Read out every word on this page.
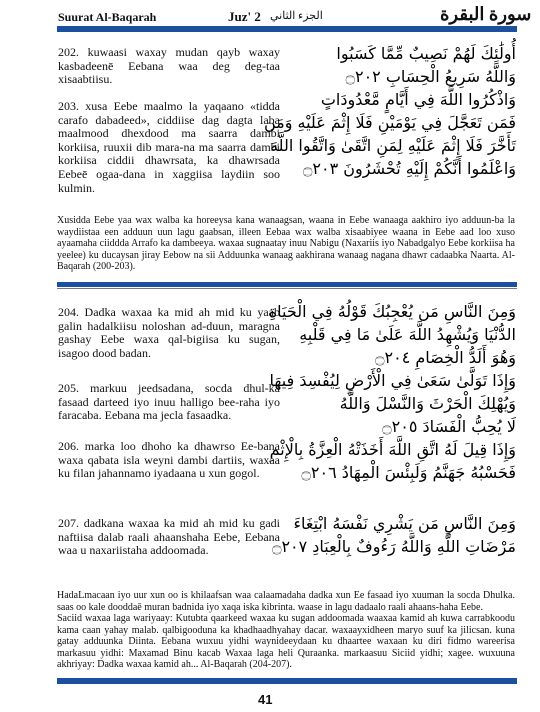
Suurat Al-Baqarah	Juz' 2 الجزء الثاني	سورة البقرة
202. kuwaasi waxay mudan qayb waxay kasbadeenē Eebana waa deg deg-taa xisaabtiisu.
203. xusa Eebe maalmo la yaqaano «tidda carafo dabadeed», ciddiise dag dagta laba maalmood dhexdood ma saarra dambi korkiisa, ruuxii dib mara-na ma saarra dambi korkiisa ciddii dhawrsata, ka dhawrsada Eebeē ogaa-dana in xaggiisa laydiin soo kulmin.
أُولَٰئِكَ لَهُمْ نَصِيبٌ مِّمَّا كَسَبُوا
وَاللَّهُ سَرِيعُ الْحِسَابِ ۝٢٠٢
وَاذْكُرُوا اللَّهَ فِي أَيَّامٍ مَّعْدُودَاتٍ
فَمَن تَعَجَّلَ فِي يَوْمَيْنِ فَلَا إِثْمَ عَلَيْهِ وَمَن
تَأَخَّرَ فَلَا إِثْمَ عَلَيْهِ لِمَنِ اتَّقَىٰ وَاتَّقُوا اللَّهَ
وَاعْلَمُوا أَنَّكُمْ إِلَيْهِ تُحْشَرُونَ ۝٢٠٣
Xusidda Eebe yaa wax walba ka horeeysa kana wanaagsan, waana in Eebe wanaaga aakhiro iyo adduun-ba la waydiistaa een adduun uun lagu gaabsan, illeen Eebaa wax walba xisaabiyee waana in Eebe aad loo xuso ayaamaha ciiddda Arrafo ka dambeeya. waxaa sugnaatay inuu Nabigu (Naxariis iyo Nabadgalyo Eebe korkiisa ha yeelee) ku ducaysan jiray Eebow na sii Adduunka wanaag aakhirana wanaag nagana dhawr cadaabka Naarta. Al-Baqarah (200-203).
204. Dadka waxaa ka mid ah mid ku yaab galin hadalkiisu noloshan ad-duun, maragna gashay Eebe waxa qal-bigiisa ku sugan, isagoo dood badan.
205. markuu jeedsadana, socda dhul-ka fasaad darteed iyo inuu halligo bee-raha iyo faracaba. Eebana ma jecla fasaadka.
206. marka loo dhoho ka dhawrso Ee-bana waxa qabata isla weyni dambi dartiis, waxaa ku filan jahannamo iyadaana u xun gogol.
207. dadkana waxaa ka mid ah mid ku gadi naftiisa dalab raali ahaanshaha Eebe, Eebana waa u naxariistaha addoomada.
وَمِنَ النَّاسِ مَن يُعْجِبُكَ قَوْلُهُ فِي الْحَيَاةِ
الدُّنْيَا وَيُشْهِدُ اللَّهَ عَلَىٰ مَا فِي قَلْبِهِ
وَهُوَ أَلَدُّ الْخِصَامِ ۝٢٠٤
وَإِذَا تَوَلَّىٰ سَعَىٰ فِي الْأَرْضِ لِيُفْسِدَ فِيهَا
وَيُهْلِكَ الْحَرْثَ وَالنَّسْلَ وَاللَّهُ
لَا يُحِبُّ الْفَسَادَ ۝٢٠٥
وَإِذَا قِيلَ لَهُ اتَّقِ اللَّهَ أَخَذَتْهُ الْعِزَّةُ بِالْإِثْمِ
فَحَسْبُهُ جَهَنَّمُ وَلَبِئْسَ الْمِهَادُ ۝٢٠٦
وَمِنَ النَّاسِ مَن يَشْرِي نَفْسَهُ ابْتِغَاءَ
مَرْضَاتِ اللَّهِ وَاللَّهُ رَءُوفٌ بِالْعِبَادِ ۝٢٠٧
HadaLmacaan iyo uur xun oo is khilaafsan waa calaamadaha dadka xun Ee fasaad iyo xuuman la socda Dhulka. saas oo kale dooddaē muran badnida iyo xaqa iska kibrinta. waase in lagu dadaalo raali ahaans-haha Eebe.
Saciid waxaa laga wariyaay: Kutubta qaarkeed waxaa ku sugan addoomada waaxaa kamid ah kuwa carrabkoodu kama caan yahay malab. qalbigooduna ka khadhaadhyahay dacar. waxaayxidheen maryo suuf ka jilicsan. kuna gatay adduunka Diinta. Eebana wuxuu yidhi waynideeydaan ku dhaartee waxaan ku diri fidmo wareerisa markasuu yidhi: Maxamad Binu kacab Waxaa laga heli Quraanka. markaasuu Siciid yidhi; xagee. wuxuuna akhriyay: Dadka waxaa kamid ah... Al-Baqarah (204-207).
41
